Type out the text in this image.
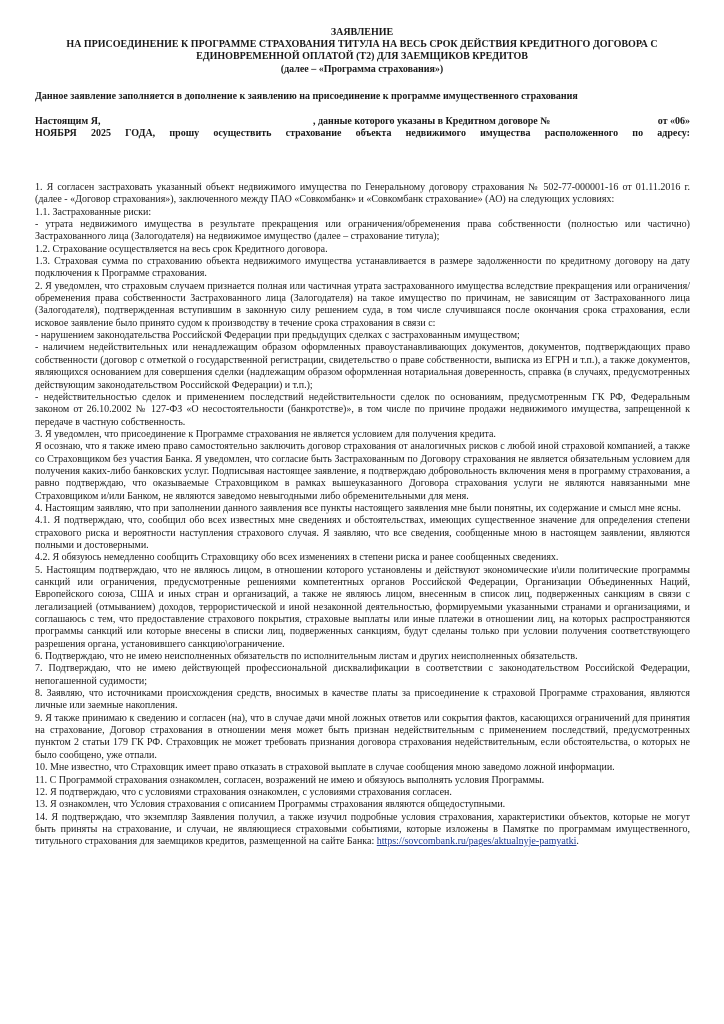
ЗАЯВЛЕНИЕ
НА ПРИСОЕДИНЕНИЕ К ПРОГРАММЕ СТРАХОВАНИЯ ТИТУЛА НА ВЕСЬ СРОК ДЕЙСТВИЯ КРЕДИТНОГО ДОГОВОРА С
ЕДИНОВРЕМЕННОЙ ОПЛАТОЙ (Т2) ДЛЯ ЗАЕМЩИКОВ КРЕДИТОВ
(далее – «Программа страхования»)
Данное заявление заполняется в дополнение к заявлению на присоединение к программе имущественного страхования
Настоящим Я,	, данные которого указаны в Кредитном договоре №	от «06»
НОЯБРЯ 2025 ГОДА, прошу осуществить страхование объекта недвижимого имущества расположенного по адресу:

1. Я согласен застраховать указанный объект недвижимого имущества по Генеральному договору страхования № 502-77-000001-16 от 01.11.2016 г. (далее - «Договор страхования»), заключенного между ПАО «Совкомбанк» и «Совкомбанк страхование» (АО) на следующих условиях:

1.1. Застрахованные риски:

- утрата недвижимого имущества в результате прекращения или ограничения/обременения права собственности (полностью или частично) Застрахованного лица (Залогодателя) на недвижимое имущество (далее – страхование титула);

1.2. Страхование осуществляется на весь срок Кредитного договора.

1.3. Страховая сумма по страхованию объекта недвижимого имущества устанавливается в размере задолженности по кредитному договору на дату подключения к Программе страхования.

2. Я уведомлен, что страховым случаем признается полная или частичная утрата застрахованного имущества вследствие прекращения или ограничения/обременения права собственности Застрахованного лица (Залогодателя) на такое имущество по причинам, не зависящим от Застрахованного лица (Залогодателя), подтвержденная вступившим в законную силу решением суда, в том числе случившаяся после окончания срока страхования, если исковое заявление было принято судом к производству в течение срока страхования в связи с:

- нарушением законодательства Российской Федерации при предыдущих сделках с застрахованным имуществом;

- наличием недействительных или ненадлежащим образом оформленных правоустанавливающих документов, документов, подтверждающих право собственности (договор с отметкой о государственной регистрации, свидетельство о праве собственности, выписка из ЕГРН и т.п.), а также документов, являющихся основанием для совершения сделки (надлежащим образом оформленная нотариальная доверенность, справка (в случаях, предусмотренных действующим законодательством Российской Федерации) и т.п.);

- недействительностью сделок и применением последствий недействительности сделок по основаниям, предусмотренным ГК РФ, Федеральным законом от 26.10.2002 № 127-ФЗ «О несостоятельности (банкротстве)», в том числе по причине продажи недвижимого имущества, запрещенной к передаче в частную собственность.

3. Я уведомлен, что присоединение к Программе страхования не является условием для получения кредита.

Я осознаю, что я также имею право самостоятельно заключить договор страхования от аналогичных рисков с любой иной страховой компанией, а также со Страховщиком без участия Банка. Я уведомлен, что согласие быть Застрахованным по Договору страхования не является обязательным условием для получения каких-либо банковских услуг. Подписывая настоящее заявление, я подтверждаю добровольность включения меня в программу страхования, а равно подтверждаю, что оказываемые Страховщиком в рамках вышеуказанного Договора страхования услуги не являются навязанными мне Страховщиком и/или Банком, не являются заведомо невыгодными либо обременительными для меня.

4. Настоящим заявляю, что при заполнении данного заявления все пункты настоящего заявления мне были понятны, их содержание и смысл мне ясны.

4.1. Я подтверждаю, что, сообщил обо всех известных мне сведениях и обстоятельствах, имеющих существенное значение для определения степени страхового риска и вероятности наступления страхового случая. Я заявляю, что все сведения, сообщенные мною в настоящем заявлении, являются полными и достоверными.

4.2. Я обязуюсь немедленно сообщить Страховщику обо всех изменениях в степени риска и ранее сообщенных сведениях.

5. Настоящим подтверждаю, что не являюсь лицом, в отношении которого установлены и действуют экономические и\или политические программы санкций или ограничения, предусмотренные решениями компетентных органов Российской Федерации, Организации Объединенных Наций, Европейского союза, США и иных стран и организаций, а также не являюсь лицом, внесенным в список лиц, подверженных санкциям в связи с легализацией (отмыванием) доходов, террористической и иной незаконной деятельностью, формируемыми указанными странами и организациями, и соглашаюсь с тем, что предоставление страхового покрытия, страховые выплаты или иные платежи в отношении лиц, на которых распространяются программы санкций или которые внесены в списки лиц, подверженных санкциям, будут сделаны только при условии получения соответствующего разрешения органа, установившего санкцию\ограничение.

6. Подтверждаю, что не имею неисполненных обязательств по исполнительным листам и других неисполненных обязательств.

7. Подтверждаю, что не имею действующей профессиональной дисквалификации в соответствии с законодательством Российской Федерации, непогашенной судимости;

8. Заявляю, что источниками происхождения средств, вносимых в качестве платы за присоединение к страховой Программе страхования, являются личные или заемные накопления.

9. Я также принимаю к сведению и согласен (на), что в случае дачи мной ложных ответов или сокрытия фактов, касающихся ограничений для принятия на страхование, Договор страхования в отношении меня может быть признан недействительным с применением последствий, предусмотренных пунктом 2 статьи 179 ГК РФ. Страховщик не может требовать признания договора страхования недействительным, если обстоятельства, о которых не было сообщено, уже отпали.

10. Мне известно, что Страховщик имеет право отказать в страховой выплате в случае сообщения мною заведомо ложной информации.

11. С Программой страхования ознакомлен, согласен, возражений не имею и обязуюсь выполнять условия Программы.

12. Я подтверждаю, что с условиями страхования ознакомлен, с условиями страхования согласен.

13. Я ознакомлен, что Условия страхования с описанием Программы страхования являются общедоступными.

14. Я подтверждаю, что экземпляр Заявления получил, а также изучил подробные условия страхования, характеристики объектов, которые не могут быть приняты на страхование, и случаи, не являющиеся страховыми событиями, которые изложены в Памятке по программам имущественного, титульного страхования для заемщиков кредитов, размещенной на сайте Банка: https://sovcombank.ru/pages/aktualnyje-pamyatki.
